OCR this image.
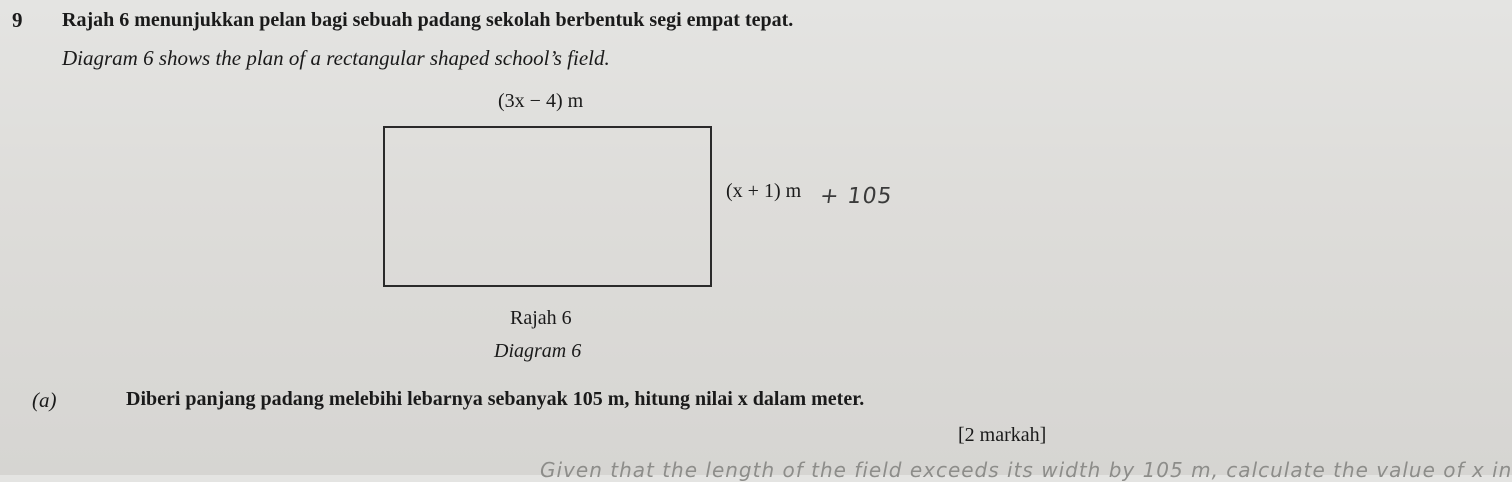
9 Rajah 6 menunjukkan pelan bagi sebuah padang sekolah berbentuk segi empat tepat.
Diagram 6 shows the plan of a rectangular shaped school’s field.
(3x − 4) m
(x + 1) m + 105
Rajah 6
Diagram 6
(a)	Diberi panjang padang melebihi lebarnya sebanyak 105 m, hitung nilai x dalam meter.
[2 markah]
Given that the length of the field exceeds its width by 105 m, calculate the value of x in
